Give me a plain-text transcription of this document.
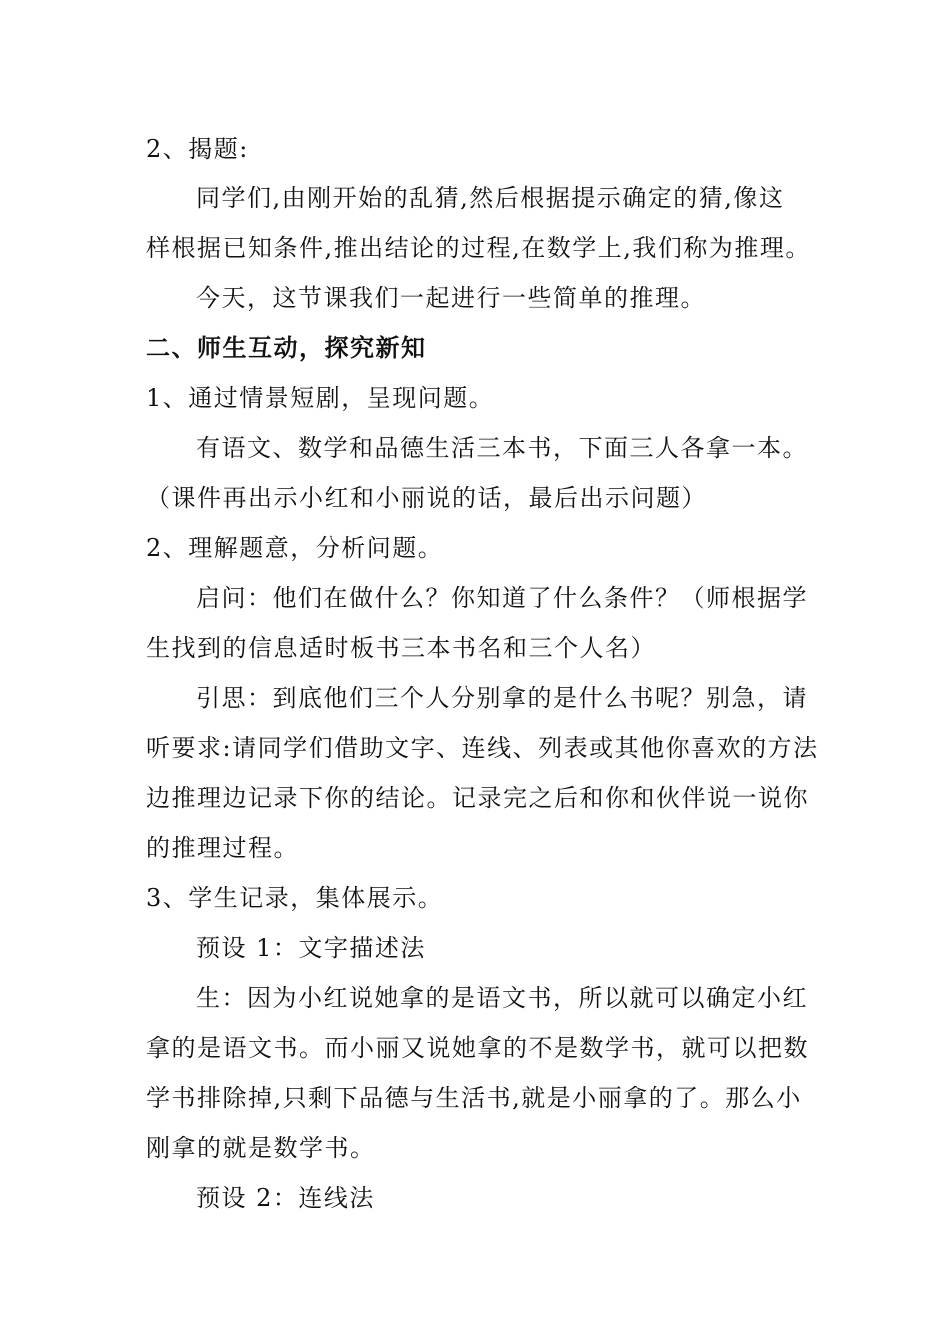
2、揭题:
同学们,由刚开始的乱猜,然后根据提示确定的猜,像这
样根据已知条件,推出结论的过程,在数学上,我们称为推理。
今天，这节课我们一起进行一些简单的推理。
二、师生互动，探究新知
1、通过情景短剧，呈现问题。
有语文、数学和品德生活三本书，下面三人各拿一本。
（课件再出示小红和小丽说的话，最后出示问题）
2、理解题意，分析问题。
启问：他们在做什么？你知道了什么条件？（师根据学
生找到的信息适时板书三本书名和三个人名）
引思：到底他们三个人分别拿的是什么书呢？别急，请
听要求:请同学们借助文字、连线、列表或其他你喜欢的方法
边推理边记录下你的结论。记录完之后和你和伙伴说一说你
的推理过程。
3、学生记录，集体展示。
预设 1：文字描述法
生：因为小红说她拿的是语文书，所以就可以确定小红
拿的是语文书。而小丽又说她拿的不是数学书，就可以把数
学书排除掉,只剩下品德与生活书,就是小丽拿的了。那么小
刚拿的就是数学书。
预设 2：连线法
